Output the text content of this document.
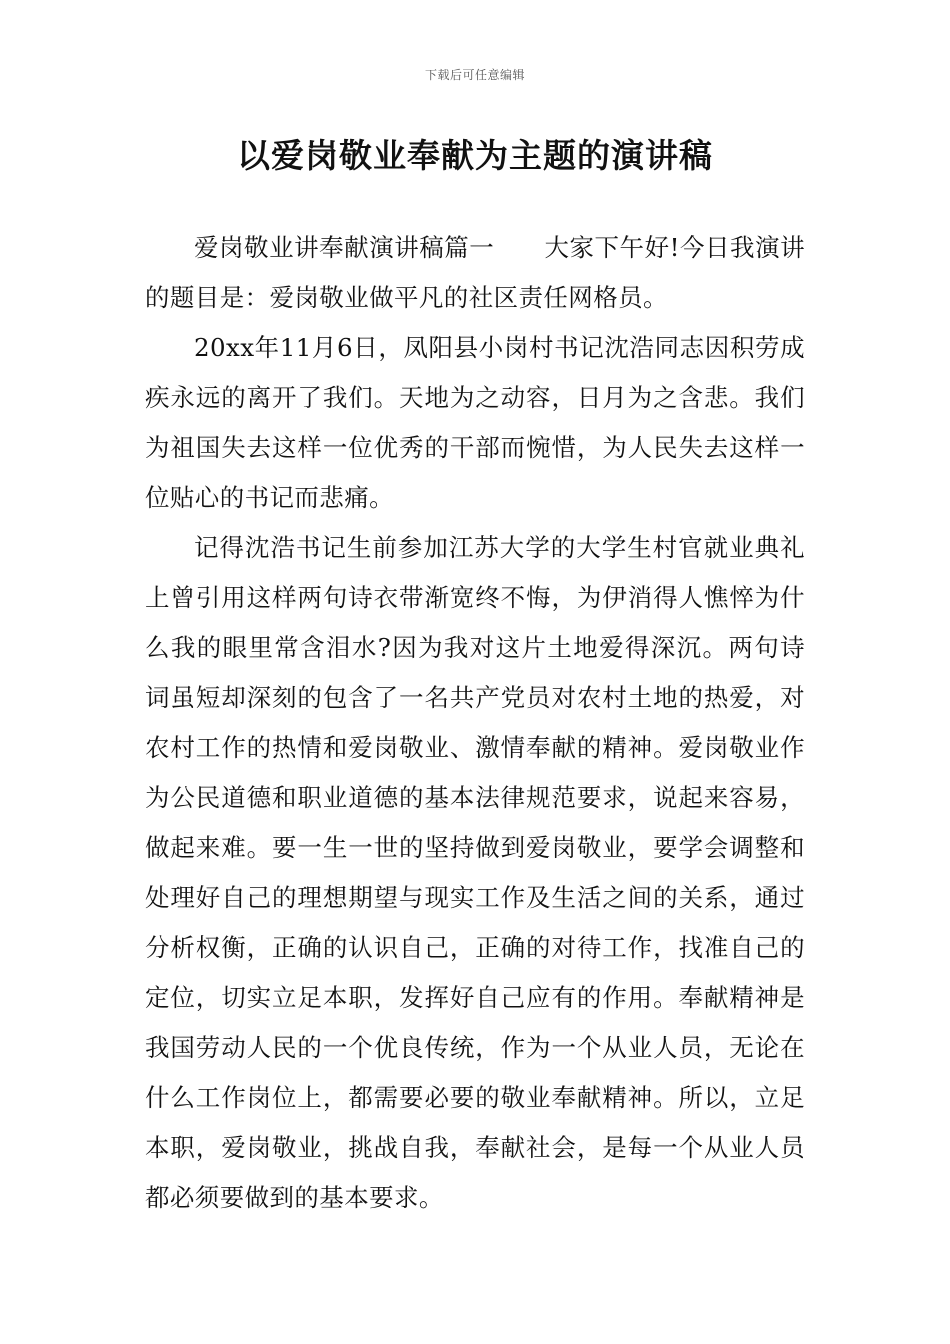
下载后可任意编辑
以爱岗敬业奉献为主题的演讲稿

爱岗敬业讲奉献演讲稿篇一 大家下午好!今日我演讲的题目是：爱岗敬业做平凡的社区责任网格员。

20xx年11月6日，凤阳县小岗村书记沈浩同志因积劳成疾永远的离开了我们。天地为之动容，日月为之含悲。我们为祖国失去这样一位优秀的干部而惋惜，为人民失去这样一位贴心的书记而悲痛。

记得沈浩书记生前参加江苏大学的大学生村官就业典礼上曾引用这样两句诗衣带渐宽终不悔，为伊消得人憔悴为什么我的眼里常含泪水?因为我对这片土地爱得深沉。两句诗词虽短却深刻的包含了一名共产党员对农村土地的热爱，对农村工作的热情和爱岗敬业、激情奉献的精神。爱岗敬业作为公民道德和职业道德的基本法律规范要求，说起来容易，做起来难。要一生一世的坚持做到爱岗敬业，要学会调整和处理好自己的理想期望与现实工作及生活之间的关系，通过分析权衡，正确的认识自己，正确的对待工作，找准自己的定位，切实立足本职，发挥好自己应有的作用。奉献精神是我国劳动人民的一个优良传统，作为一个从业人员，无论在什么工作岗位上，都需要必要的敬业奉献精神。所以，立足本职，爱岗敬业，挑战自我，奉献社会，是每一个从业人员都必须要做到的基本要求。
